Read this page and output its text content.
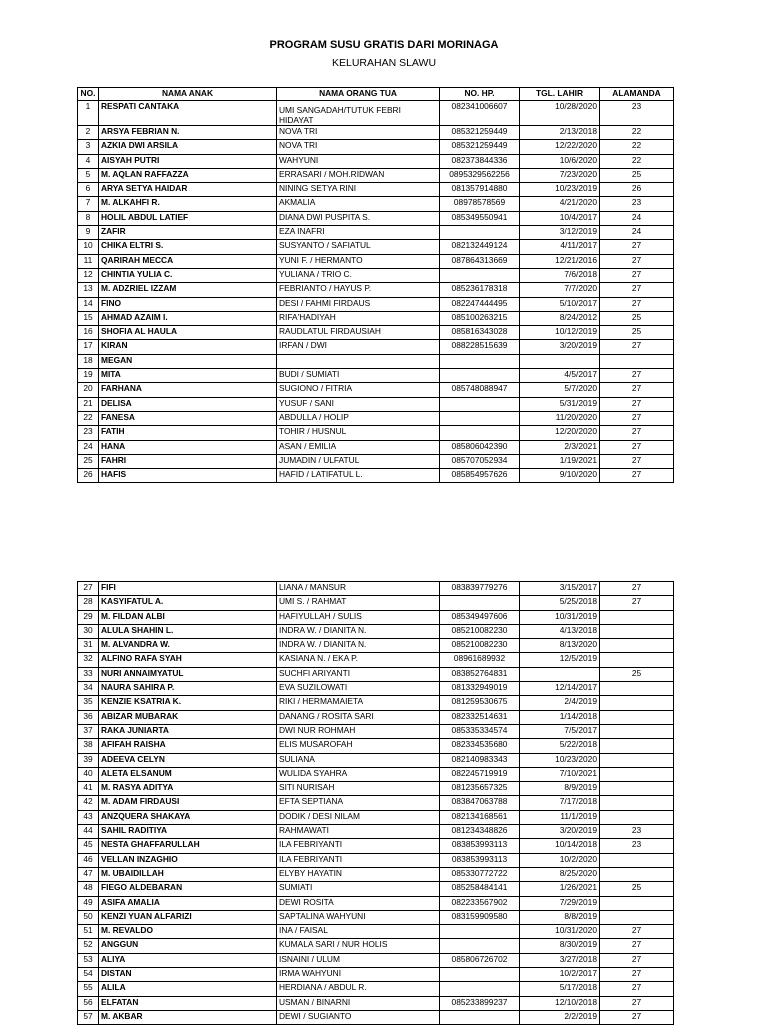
PROGRAM SUSU GRATIS DARI MORINAGA
KELURAHAN SLAWU
NO.	NAMA ANAK	NAMA ORANG TUA	NO. HP.	TGL. LAHIR	ALAMANDA
1	RESPATI CANTAKA	UMI SANGADAH/TUTUK FEBRI HIDAYAT	082341006607	10/28/2020	23
2	ARSYA FEBRIAN N.	NOVA TRI	085321259449	2/13/2018	22
3	AZKIA DWI ARSILA	NOVA TRI	085321259449	12/22/2020	22
4	AISYAH PUTRI	WAHYUNI	082373844336	10/6/2020	22
5	M. AQLAN RAFFAZZA	ERRASARI / MOH.RIDWAN	0895329562256	7/23/2020	25
6	ARYA SETYA HAIDAR	NINING SETYA RINI	081357914880	10/23/2019	26
7	M. ALKAHFI R.	AKMALIA	08978578569	4/21/2020	23
8	HOLIL ABDUL LATIEF	DIANA DWI PUSPITA S.	085349550941	10/4/2017	24
9	ZAFIR	EZA INAFRI		3/12/2019	24
10	CHIKA ELTRI S.	SUSYANTO / SAFIATUL	082132449124	4/11/2017	27
11	QARIRAH MECCA	YUNI F. / HERMANTO	087864313669	12/21/2016	27
12	CHINTIA YULIA C.	YULIANA / TRIO C.		7/6/2018	27
13	M. ADZRIEL IZZAM	FEBRIANTO / HAYUS P.	085236178318	7/7/2020	27
14	FINO	DESI / FAHMI FIRDAUS	082247444495	5/10/2017	27
15	AHMAD AZAIM I.	RIFA'HADIYAH	085100263215	8/24/2012	25
16	SHOFIA AL HAULA	RAUDLATUL FIRDAUSIAH	085816343028	10/12/2019	25
17	KIRAN	IRFAN / DWI	088228515639	3/20/2019	27
18	MEGAN				
19	MITA	BUDI / SUMIATI		4/5/2017	27
20	FARHANA	SUGIONO / FITRIA	085748088947	5/7/2020	27
21	DELISA	YUSUF / SANI		5/31/2019	27
22	FANESA	ABDULLA / HOLIP		11/20/2020	27
23	FATIH	TOHIR / HUSNUL		12/20/2020	27
24	HANA	ASAN / EMILIA	085806042390	2/3/2021	27
25	FAHRI	JUMADIN / ULFATUL	085707052934	1/19/2021	27
26	HAFIS	HAFID / LATIFATUL L.	085854957626	9/10/2020	27
27	FIFI	LIANA / MANSUR	083839779276	3/15/2017	27
28	KASYIFATUL A.	UMI S. / RAHMAT		5/25/2018	27
29	M. FILDAN ALBI	HAFIYULLAH / SULIS	085349497606	10/31/2019	
30	ALULA SHAHIN L.	INDRA W. / DIANITA N.	085210082230	4/13/2018	
31	M. ALVANDRA W.	INDRA W. / DIANITA N.	085210082230	8/13/2020	
32	ALFINO RAFA SYAH	KASIANA N. / EKA P.	08961689932	12/5/2019	
33	NURI ANNAIMYATUL	SUCHFI ARIYANTI	083852764831		25
34	NAURA SAHIRA P.	EVA SUZILOWATI	081332949019	12/14/2017	
35	KENZIE KSATRIA K.	RIKI / HERMAMAIETA	081259530675	2/4/2019	
36	ABIZAR MUBARAK	DANANG / ROSITA SARI	082332514631	1/14/2018	
37	RAKA JUNIARTA	DWI NUR ROHMAH	085335334574	7/5/2017	
38	AFIFAH RAISHA	ELIS MUSAROFAH	082334535680	5/22/2018	
39	ADEEVA CELYN	SULIANA	082140983343	10/23/2020	
40	ALETA ELSANUM	WULIDA SYAHRA	082245719919	7/10/2021	
41	M. RASYA ADITYA	SITI NURISAH	081235657325	8/9/2019	
42	M. ADAM FIRDAUSI	EFTA SEPTIANA	083847063788	7/17/2018	
43	ANZQUERA SHAKAYA	DODIK / DESI NILAM	082134168561	11/1/2019	
44	SAHIL RADITIYA	RAHMAWATI	081234348826	3/20/2019	23
45	NESTA GHAFFARULLAH	ILA FEBRIYANTI	083853993113	10/14/2018	23
46	VELLAN INZAGHIO	ILA FEBRIYANTI	083853993113	10/2/2020	
47	M. UBAIDILLAH	ELYBY HAYATIN	085330772722	8/25/2020	
48	FIEGO ALDEBARAN	SUMIATI	085258484141	1/26/2021	25
49	ASIFA AMALIA	DEWI ROSITA	082233567902	7/29/2019	
50	KENZI YUAN ALFARIZI	SAPTALINA WAHYUNI	083159909580	8/8/2019	
51	M. REVALDO	INA / FAISAL		10/31/2020	27
52	ANGGUN	KUMALA SARI / NUR HOLIS		8/30/2019	27
53	ALIYA	ISNAINI / ULUM	085806726702	3/27/2018	27
54	DISTAN	IRMA WAHYUNI		10/2/2017	27
55	ALILA	HERDIANA / ABDUL R.		5/17/2018	27
56	ELFATAN	USMAN / BINARNI	085233899237	12/10/2018	27
57	M. AKBAR	DEWI / SUGIANTO		2/2/2019	27
